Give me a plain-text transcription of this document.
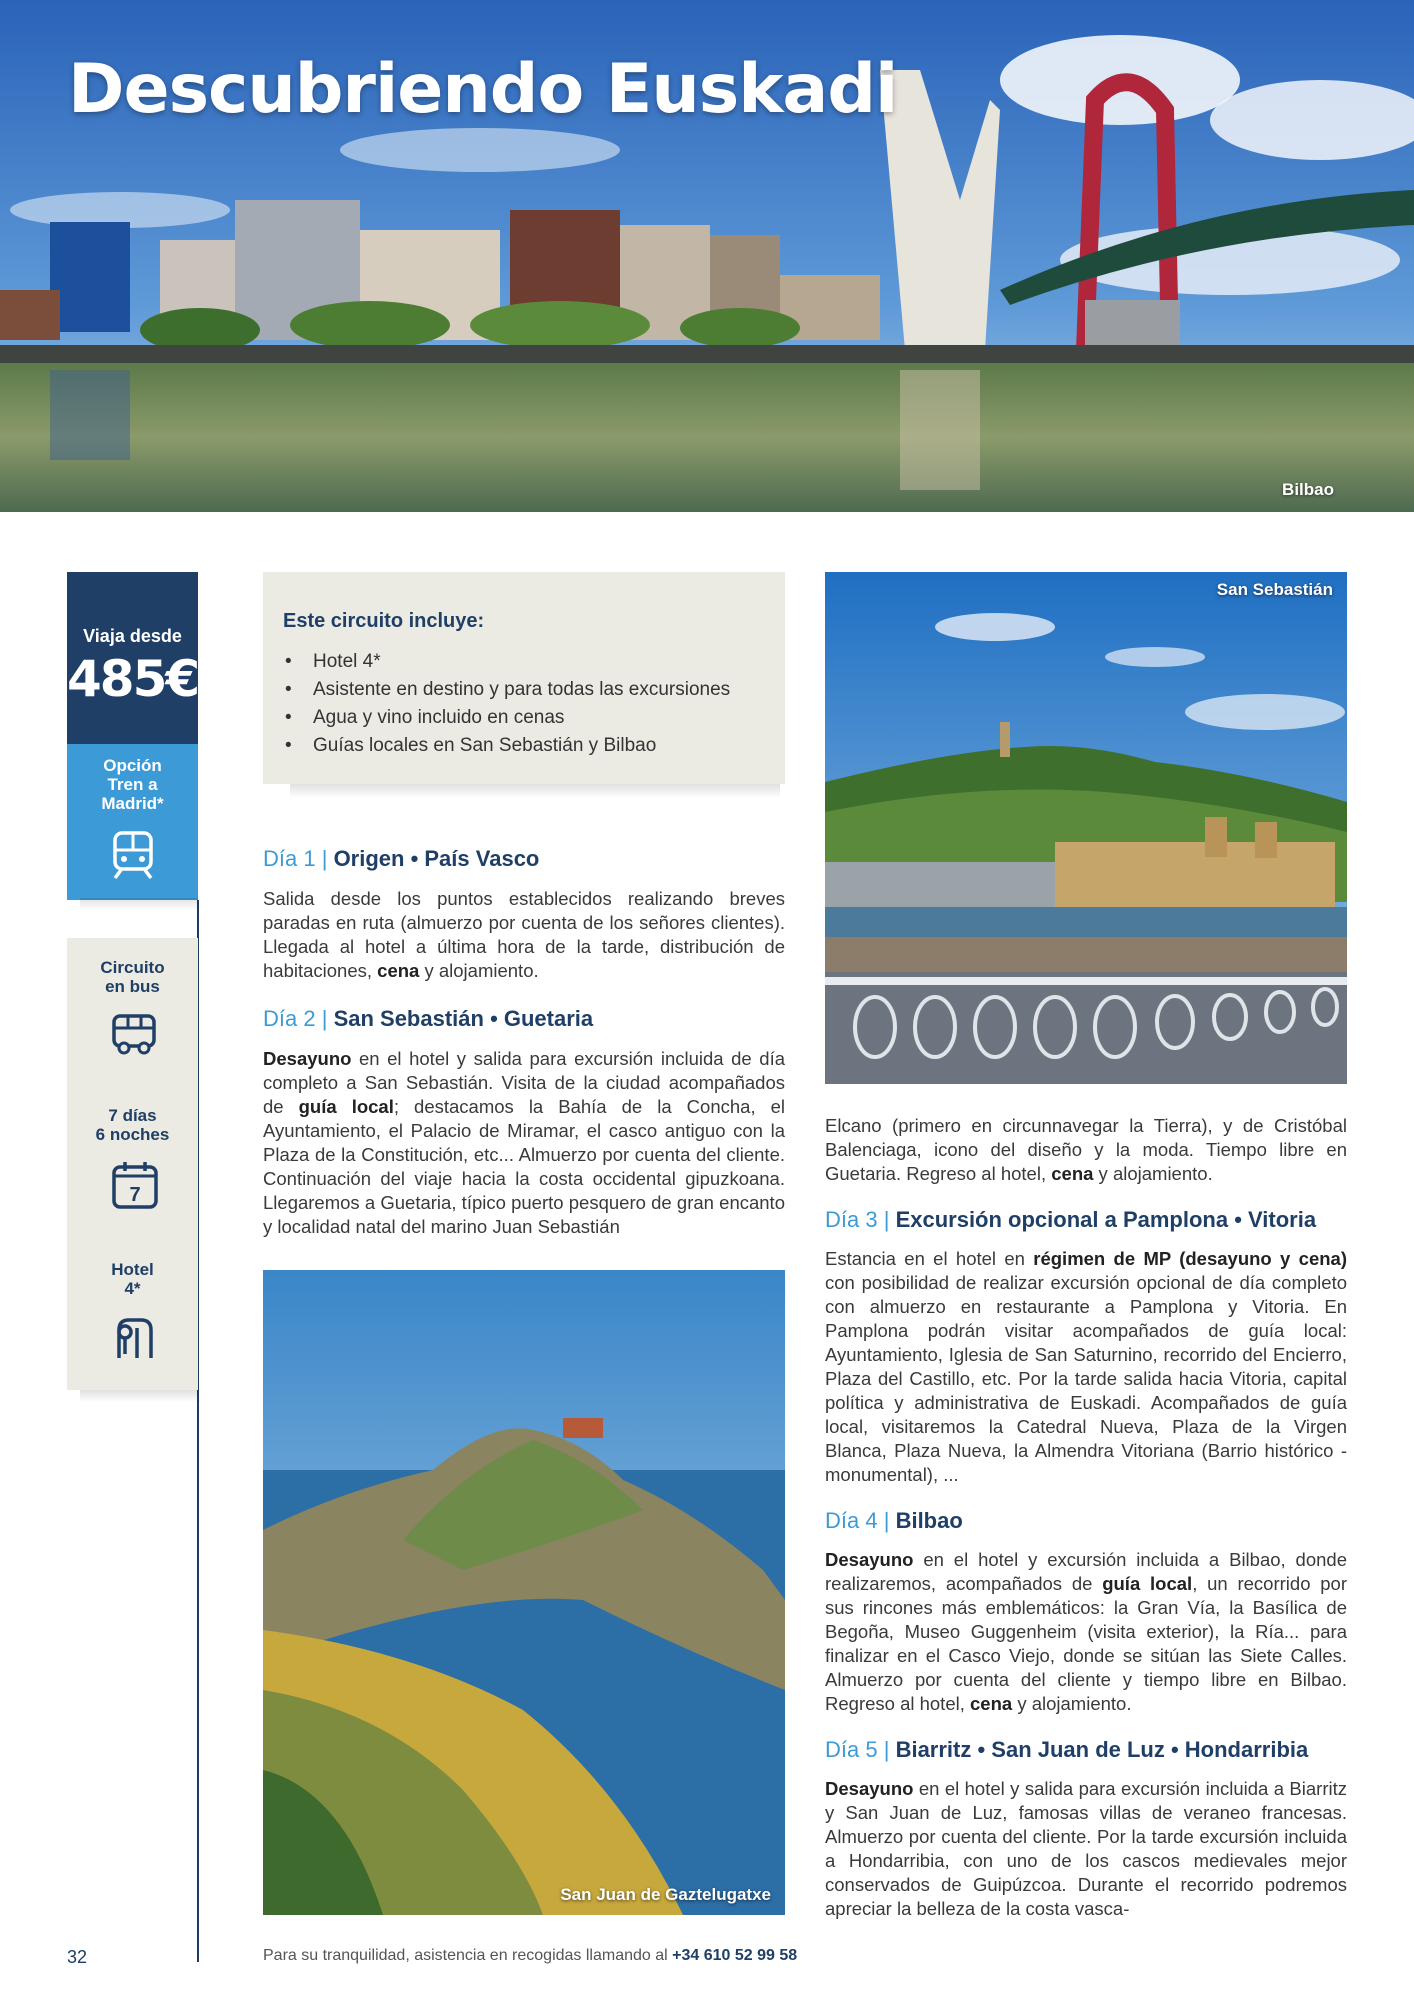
Descubriendo Euskadi
Bilbao
Viaja desde
485€
Opción
Tren a
Madrid*
Circuito
en bus
7 días
6 noches
7
Hotel
4*
Este circuito incluye:
• Hotel 4*
• Asistente en destino y para todas las excursiones
• Agua y vino incluido en cenas
• Guías locales en San Sebastián y Bilbao
Día 1 | Origen • País Vasco
Salida desde los puntos establecidos realizando breves paradas en ruta (almuerzo por cuenta de los señores clientes). Llegada al hotel a última hora de la tarde, distribución de habitaciones, cena y alojamiento.
Día 2 | San Sebastián • Guetaria
Desayuno en el hotel y salida para excursión incluida de día completo a San Sebastián. Visita de la ciudad acompañados de guía local; destacamos la Bahía de la Concha, el Ayuntamiento, el Palacio de Miramar, el casco antiguo con la Plaza de la Constitución, etc... Almuerzo por cuenta del cliente. Continuación del viaje hacia la costa occidental gipuzkoana. Llegaremos a Guetaria, típico puerto pesquero de gran encanto y localidad natal del marino Juan Sebastián
San Juan de Gaztelugatxe
San Sebastián
Elcano (primero en circunnavegar la Tierra), y de Cristóbal Balenciaga, icono del diseño y la moda. Tiempo libre en Guetaria. Regreso al hotel, cena y alojamiento.
Día 3 | Excursión opcional a Pamplona • Vitoria
Estancia en el hotel en régimen de MP (desayuno y cena) con posibilidad de realizar excursión opcional de día completo con almuerzo en restaurante a Pamplona y Vitoria. En Pamplona podrán visitar acompañados de guía local: Ayuntamiento, Iglesia de San Saturnino, recorrido del Encierro, Plaza del Castillo, etc. Por la tarde salida hacia Vitoria, capital política y administrativa de Euskadi. Acompañados de guía local, visitaremos la Catedral Nueva, Plaza de la Virgen Blanca, Plaza Nueva, la Almendra Vitoriana (Barrio histórico - monumental), ...
Día 4 | Bilbao
Desayuno en el hotel y excursión incluida a Bilbao, donde realizaremos, acompañados de guía local, un recorrido por sus rincones más emblemáticos: la Gran Vía, la Basílica de Begoña, Museo Guggenheim (visita exterior), la Ría... para finalizar en el Casco Viejo, donde se sitúan las Siete Calles. Almuerzo por cuenta del cliente y tiempo libre en Bilbao. Regreso al hotel, cena y alojamiento.
Día 5 | Biarritz • San Juan de Luz • Hondarribia
Desayuno en el hotel y salida para excursión incluida a Biarritz y San Juan de Luz, famosas villas de veraneo francesas. Almuerzo por cuenta del cliente. Por la tarde excursión incluida a Hondarribia, con uno de los cascos medievales mejor conservados de Guipúzcoa. Durante el recorrido podremos apreciar la belleza de la costa vasca-
32	Para su tranquilidad, asistencia en recogidas llamando al +34 610 52 99 58
